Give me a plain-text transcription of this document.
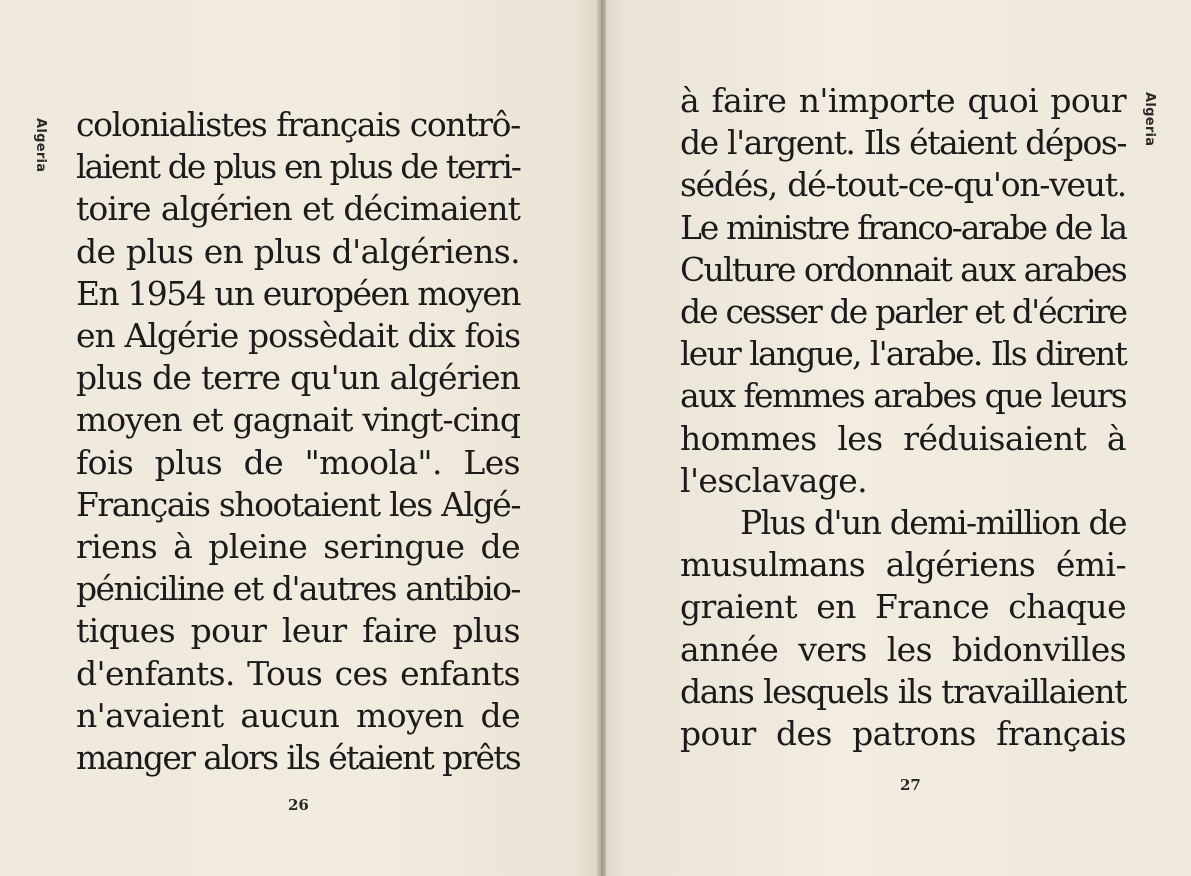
Algeria colonialistes français contrô-
laient de plus en plus de terri-
toire algérien et décimaient
de plus en plus d'algériens.
En 1954 un européen moyen
en Algérie possèdait dix fois
plus de terre qu'un algérien
moyen et gagnait vingt-cinq
fois plus de "moola". Les
Français shootaient les Algé-
riens à pleine seringue de
péniciline et d'autres antibio-
tiques pour leur faire plus
d'enfants. Tous ces enfants
n'avaient aucun moyen de
manger alors ils étaient prêts
26
Algeria
à faire n'importe quoi pour
de l'argent. Ils étaient dépos-
sédés, dé-tout-ce-qu'on-veut.
Le ministre franco-arabe de la
Culture ordonnait aux arabes
de cesser de parler et d'écrire
leur langue, l'arabe. Ils dirent
aux femmes arabes que leurs
hommes les réduisaient à
l'esclavage.
Plus d'un demi-million de
musulmans algériens émi-
graient en France chaque
année vers les bidonvilles
dans lesquels ils travaillaient
pour des patrons français
27
